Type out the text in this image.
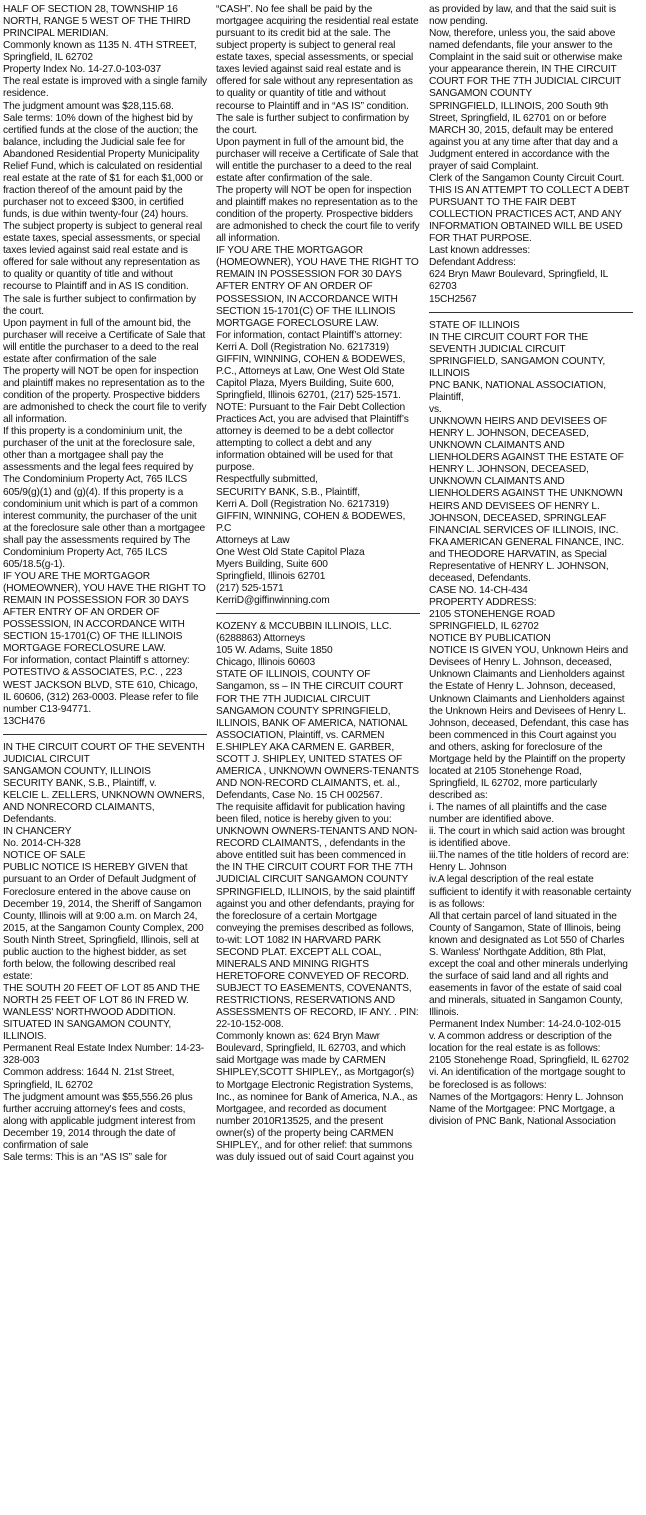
HALF OF SECTION 28, TOWNSHIP 16 NORTH, RANGE 5 WEST OF THE THIRD PRINCIPAL MERIDIAN.
Commonly known as 1135 N. 4TH STREET, Springfield, IL 62702
Property Index No. 14-27.0-103-037
The real estate is improved with a single family residence.
The judgment amount was $28,115.68.
Sale terms: 10% down of the highest bid by certified funds at the close of the auction; the balance, including the Judicial sale fee for Abandoned Residential Property Municipality Relief Fund, which is calculated on residential real estate at the rate of $1 for each $1,000 or fraction thereof of the amount paid by the purchaser not to exceed $300, in certified funds, is due within twenty-four (24) hours. The subject property is subject to general real estate taxes, special assessments, or special taxes levied against said real estate and is offered for sale without any representation as to quality or quantity of title and without recourse to Plaintiff and in AS IS condition. The sale is further subject to confirmation by the court.
Upon payment in full of the amount bid, the purchaser will receive a Certificate of Sale that will entitle the purchaser to a deed to the real estate after confirmation of the sale
The property will NOT be open for inspection and plaintiff makes no representation as to the condition of the property. Prospective bidders are admonished to check the court file to verify all information.
If this property is a condominium unit, the purchaser of the unit at the foreclosure sale, other than a mortgagee shall pay the assessments and the legal fees required by The Condominium Property Act, 765 ILCS 605/9(g)(1) and (g)(4). If this property is a condominium unit which is part of a common interest community, the purchaser of the unit at the foreclosure sale other than a mortgagee shall pay the assessments required by The Condominium Property Act, 765 ILCS 605/18.5(g-1).
IF YOU ARE THE MORTGAGOR (HOMEOWNER), YOU HAVE THE RIGHT TO REMAIN IN POSSESSION FOR 30 DAYS AFTER ENTRY OF AN ORDER OF POSSESSION, IN ACCORDANCE WITH SECTION 15-1701(C) OF THE ILLINOIS MORTGAGE FORECLOSURE LAW.
For information, contact Plaintiff s attorney: POTESTIVO & ASSOCIATES, P.C. , 223 WEST JACKSON BLVD, STE 610, Chicago, IL 60606, (312) 263-0003. Please refer to file number C13-94771.
13CH476

IN THE CIRCUIT COURT OF THE SEVENTH JUDICIAL CIRCUIT
SANGAMON COUNTY, ILLINOIS
SECURITY BANK, S.B., Plaintiff, v.
KELCIE L. ZELLERS, UNKNOWN OWNERS,
AND NONRECORD CLAIMANTS, Defendants.
IN CHANCERY
No. 2014-CH-328
NOTICE OF SALE
PUBLIC NOTICE IS HEREBY GIVEN that pursuant to an Order of Default Judgment of Foreclosure entered in the above cause on December 19, 2014, the Sheriff of Sangamon County, Illinois will at 9:00 a.m. on March 24, 2015, at the Sangamon County Complex, 200 South Ninth Street, Springfield, Illinois, sell at public auction to the highest bidder, as set forth below, the following described real estate:
THE SOUTH 20 FEET OF LOT 85 AND THE NORTH 25 FEET OF LOT 86 IN FRED W. WANLESS' NORTHWOOD ADDITION. SITUATED IN SANGAMON COUNTY, ILLINOIS.
Permanent Real Estate Index Number: 14-23-328-003
Common address: 1644 N. 21st Street, Springfield, IL 62702
The judgment amount was $55,556.26 plus further accruing attorney's fees and costs, along with applicable judgment interest from December 19, 2014 through the date of confirmation of sale
Sale terms: This is an “AS IS” sale for

“CASH”. No fee shall be paid by the mortgagee acquiring the residential real estate pursuant to its credit bid at the sale. The subject property is subject to general real estate taxes, special assessments, or special taxes levied against said real estate and is offered for sale without any representation as to quality or quantity of title and without recourse to Plaintiff and in “AS IS” condition. The sale is further subject to confirmation by the court.
Upon payment in full of the amount bid, the purchaser will receive a Certificate of Sale that will entitle the purchaser to a deed to the real estate after confirmation of the sale.
The property will NOT be open for inspection and plaintiff makes no representation as to the condition of the property. Prospective bidders are admonished to check the court file to verify all information.
IF YOU ARE THE MORTGAGOR (HOMEOWNER), YOU HAVE THE RIGHT TO REMAIN IN POSSESSION FOR 30 DAYS AFTER ENTRY OF AN ORDER OF POSSESSION, IN ACCORDANCE WITH SECTION 15-1701(C) OF THE ILLINOIS MORTGAGE FORECLOSURE LAW.
For information, contact Plaintiff’s attorney: Kerri A. Doll (Registration No. 6217319) GIFFIN, WINNING, COHEN & BODEWES, P.C., Attorneys at Law, One West Old State Capitol Plaza, Myers Building, Suite 600, Springfield, Illinois 62701, (217) 525-1571.
NOTE: Pursuant to the Fair Debt Collection Practices Act, you are advised that Plaintiff’s attorney is deemed to be a debt collector attempting to collect a debt and any information obtained will be used for that purpose.
Respectfully submitted,
SECURITY BANK, S.B., Plaintiff,
Kerri A. Doll (Registration No. 6217319)
GIFFIN, WINNING, COHEN & BODEWES, P.C
Attorneys at Law
One West Old State Capitol Plaza
Myers Building, Suite 600
Springfield, Illinois 62701
(217) 525-1571
KerriD@giffinwinning.com

KOZENY & MCCUBBIN ILLINOIS, LLC. (6288863) Attorneys
105 W. Adams, Suite 1850
Chicago, Illinois 60603
STATE OF ILLINOIS, COUNTY OF Sangamon, ss – IN THE CIRCUIT COURT FOR THE 7TH JUDICIAL CIRCUIT SANGAMON COUNTY SPRINGFIELD, ILLINOIS, BANK OF AMERICA, NATIONAL ASSOCIATION, Plaintiff, vs. CARMEN E.SHIPLEY AKA CARMEN E. GARBER, SCOTT J. SHIPLEY, UNITED STATES OF AMERICA , UNKNOWN OWNERS-TENANTS AND NON-RECORD CLAIMANTS, et. al., Defendants, Case No. 15 CH 002567.
The requisite affidavit for publication having been filed, notice is hereby given to you:
UNKNOWN OWNERS-TENANTS AND NON-RECORD CLAIMANTS, , defendants in the above entitled suit has been commenced in the IN THE CIRCUIT COURT FOR THE 7TH JUDICIAL CIRCUIT SANGAMON COUNTY
SPRINGFIELD, ILLINOIS, by the said plaintiff against you and other defendants, praying for the foreclosure of a certain Mortgage conveying the premises described as follows, to-wit: LOT 1082 IN HARVARD PARK SECOND PLAT. EXCEPT ALL COAL, MINERALS AND MINING RIGHTS HERETOFORE CONVEYED OF RECORD. SUBJECT TO EASEMENTS, COVENANTS, RESTRICTIONS, RESERVATIONS AND ASSESSMENTS OF RECORD, IF ANY. . PIN: 22-10-152-008.
Commonly known as: 624 Bryn Mawr Boulevard, Springfield, IL 62703, and which said Mortgage was made by CARMEN SHIPLEY,SCOTT SHIPLEY,, as Mortgagor(s) to Mortgage Electronic Registration Systems, Inc., as nominee for Bank of America, N.A., as Mortgagee, and recorded as document number 2010R13525, and the present owner(s) of the property being CARMEN SHIPLEY,, and for other relief: that summons was duly issued out of said Court against you

as provided by law, and that the said suit is now pending.
Now, therefore, unless you, the said above named defendants, file your answer to the Complaint in the said suit or otherwise make your appearance therein, IN THE CIRCUIT COURT FOR THE 7TH JUDICIAL CIRCUIT SANGAMON COUNTY
SPRINGFIELD, ILLINOIS, 200 South 9th Street, Springfield, IL 62701 on or before MARCH 30, 2015, default may be entered against you at any time after that day and a Judgment entered in accordance with the prayer of said Complaint.
Clerk of the Sangamon County Circuit Court.
THIS IS AN ATTEMPT TO COLLECT A DEBT PURSUANT TO THE FAIR DEBT COLLECTION PRACTICES ACT, AND ANY INFORMATION OBTAINED WILL BE USED FOR THAT PURPOSE.
Last known addresses:
Defendant Address:
624 Bryn Mawr Boulevard, Springfield, IL 62703
15CH2567

STATE OF ILLINOIS
IN THE CIRCUIT COURT FOR THE SEVENTH JUDICIAL CIRCUIT
SPRINGFIELD, SANGAMON COUNTY, ILLINOIS
PNC BANK, NATIONAL ASSOCIATION, Plaintiff,
vs.
UNKNOWN HEIRS AND DEVISEES OF HENRY L. JOHNSON, DECEASED, UNKNOWN CLAIMANTS AND LIENHOLDERS AGAINST THE ESTATE OF HENRY L. JOHNSON, DECEASED, UNKNOWN CLAIMANTS AND LIENHOLDERS AGAINST THE UNKNOWN HEIRS AND DEVISEES OF HENRY L. JOHNSON, DECEASED, SPRINGLEAF FINANCIAL SERVICES OF ILLINOIS, INC. FKA AMERICAN GENERAL FINANCE, INC. and THEODORE HARVATIN, as Special Representative of HENRY L. JOHNSON, deceased, Defendants.
CASE NO. 14-CH-434
PROPERTY ADDRESS:
2105 STONEHENGE ROAD
SPRINGFIELD, IL 62702
NOTICE BY PUBLICATION
NOTICE IS GIVEN YOU, Unknown Heirs and Devisees of Henry L. Johnson, deceased, Unknown Claimants and Lienholders against the Estate of Henry L. Johnson, deceased, Unknown Claimants and Lienholders against the Unknown Heirs and Devisees of Henry L. Johnson, deceased, Defendant, this case has been commenced in this Court against you and others, asking for foreclosure of the Mortgage held by the Plaintiff on the property located at 2105 Stonehenge Road, Springfield, IL 62702, more particularly described as:
i. The names of all plaintiffs and the case number are identified above.
ii. The court in which said action was brought is identified above.
iii.The names of the title holders of record are: Henry L. Johnson
iv.A legal description of the real estate sufficient to identify it with reasonable certainty is as follows:
All that certain parcel of land situated in the County of Sangamon, State of Illinois, being known and designated as Lot 550 of Charles S. Wanless' Northgate Addition, 8th Plat, except the coal and other minerals underlying the surface of said land and all rights and easements in favor of the estate of said coal and minerals, situated in Sangamon County, Illinois.
Permanent Index Number: 14-24.0-102-015
v. A common address or description of the location for the real estate is as follows:
2105 Stonehenge Road, Springfield, IL 62702
vi. An identification of the mortgage sought to be foreclosed is as follows:
Names of the Mortgagors: Henry L. Johnson
Name of the Mortgagee: PNC Mortgage, a division of PNC Bank, National Association
